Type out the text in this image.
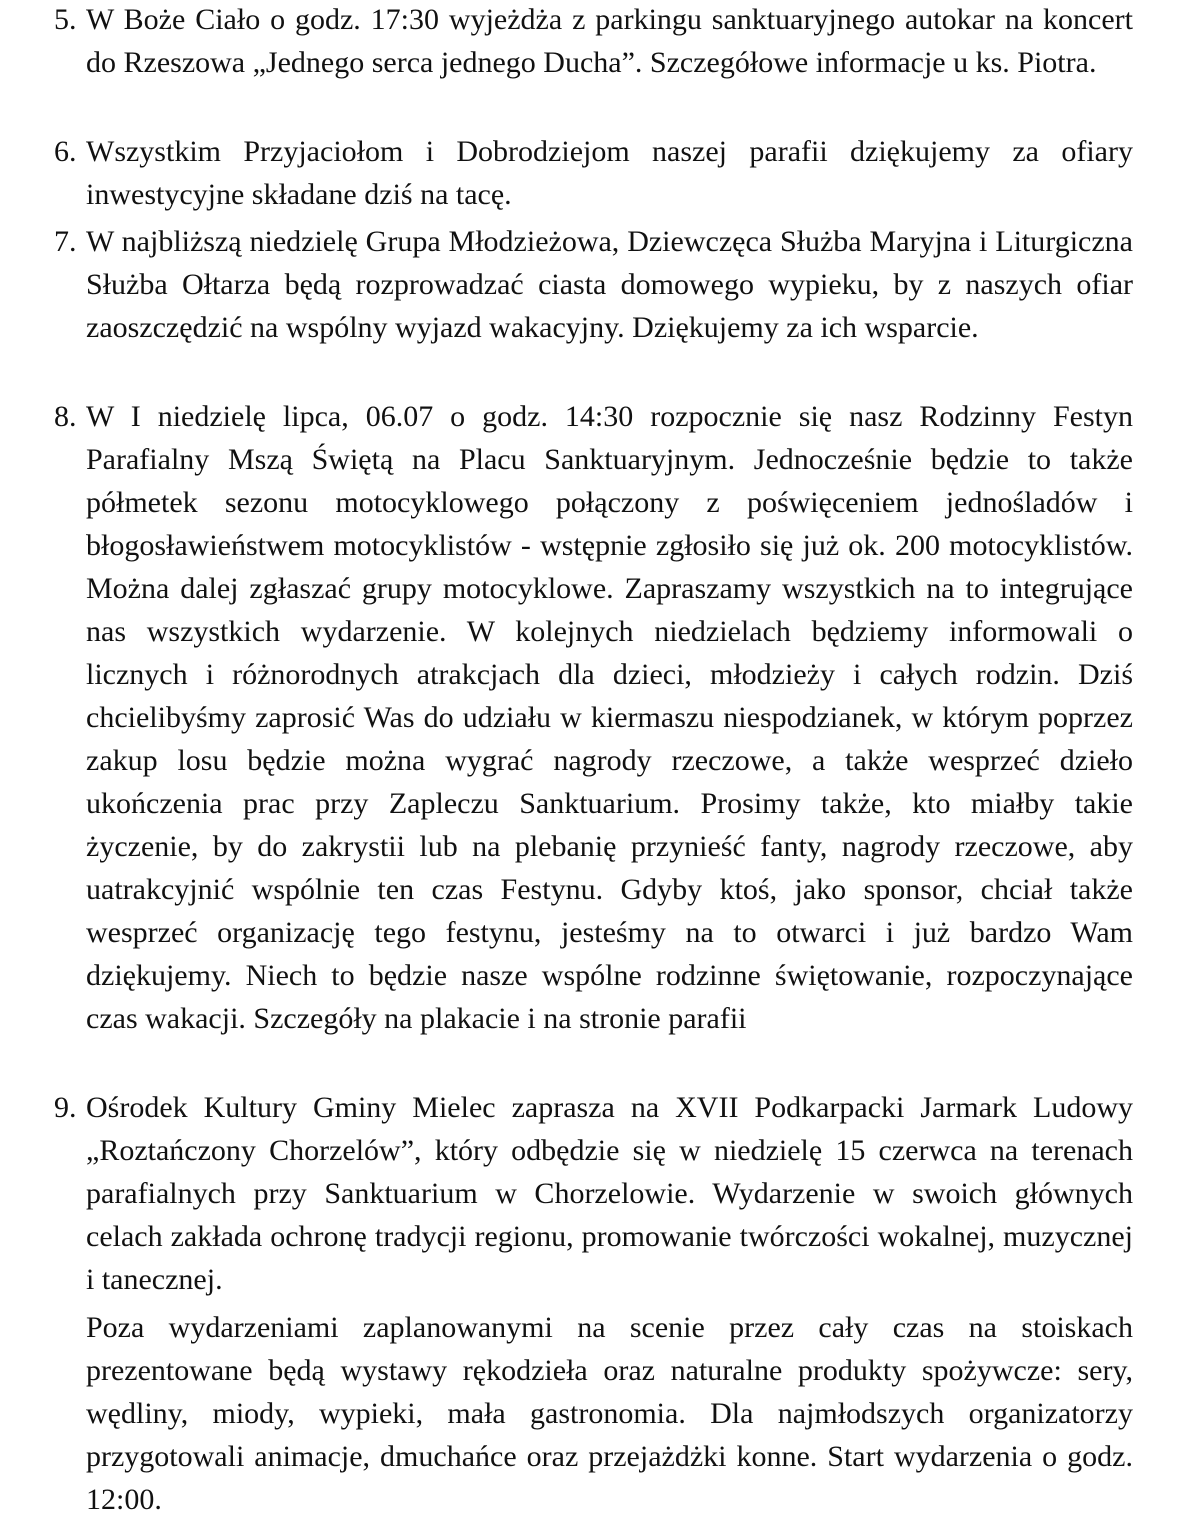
5. W Boże Ciało o godz. 17:30 wyjeżdża z parkingu sanktuaryjnego autokar na koncert do Rzeszowa „Jednego serca jednego Ducha”. Szczegółowe informacje u ks. Piotra.

6. Wszystkim Przyjaciołom i Dobrodziejom naszej parafii dziękujemy za ofiary inwestycyjne składane dziś na tacę.

7. W najbliższą niedzielę Grupa Młodzieżowa, Dziewczęca Służba Maryjna i Liturgiczna Służba Ołtarza będą rozprowadzać ciasta domowego wypieku, by z naszych ofiar zaoszczędzić na wspólny wyjazd wakacyjny. Dziękujemy za ich wsparcie.

8. W I niedzielę lipca, 06.07 o godz. 14:30 rozpocznie się nasz Rodzinny Festyn Parafialny Mszą Świętą na Placu Sanktuaryjnym. Jednocześnie będzie to także półmetek sezonu motocyklowego połączony z poświęceniem jednośladów i błogosławieństwem motocyklistów - wstępnie zgłosiło się już ok. 200 motocyklistów. Można dalej zgłaszać grupy motocyklowe. Zapraszamy wszystkich na to integrujące nas wszystkich wydarzenie. W kolejnych niedzielach będziemy informowali o licznych i różnorodnych atrakcjach dla dzieci, młodzieży i całych rodzin. Dziś chcielibyśmy zaprosić Was do udziału w kiermaszu niespodzianek, w którym poprzez zakup losu będzie można wygrać nagrody rzeczowe, a także wesprzeć dzieło ukończenia prac przy Zapleczu Sanktuarium. Prosimy także, kto miałby takie życzenie, by do zakrystii lub na plebanię przynieść fanty, nagrody rzeczowe, aby uatrakcyjnić wspólnie ten czas Festynu. Gdyby ktoś, jako sponsor, chciał także wesprzeć organizację tego festynu, jesteśmy na to otwarci i już bardzo Wam dziękujemy. Niech to będzie nasze wspólne rodzinne świętowanie, rozpoczynające czas wakacji. Szczegóły na plakacie i na stronie parafii

9. Ośrodek Kultury Gminy Mielec zaprasza na XVII Podkarpacki Jarmark Ludowy „Roztańczony Chorzelów”, który odbędzie się w niedzielę 15 czerwca na terenach parafialnych przy Sanktuarium w Chorzelowie. Wydarzenie w swoich głównych celach zakłada ochronę tradycji regionu, promowanie twórczości wokalnej, muzycznej i tanecznej.

Poza wydarzeniami zaplanowanymi na scenie przez cały czas na stoiskach prezentowane będą wystawy rękodzieła oraz naturalne produkty spożywcze: sery, wędliny, miody, wypieki, mała gastronomia. Dla najmłodszych organizatorzy przygotowali animacje, dmuchańce oraz przejażdżki konne. Start wydarzenia o godz. 12:00.
